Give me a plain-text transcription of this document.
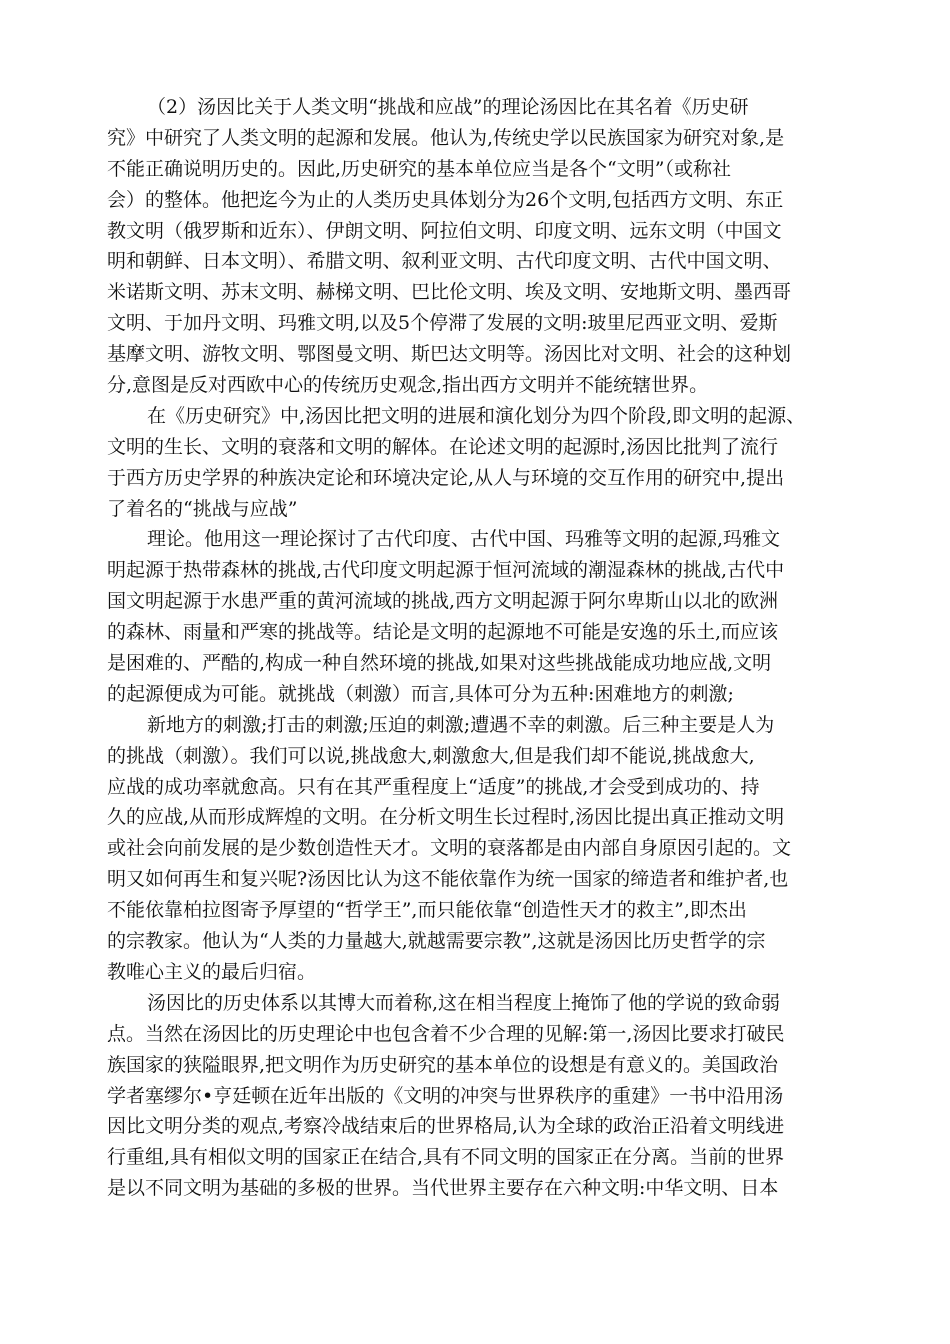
（2）汤因比关于人类文明“挑战和应战”的理论汤因比在其名着《历史研
究》中研究了人类文明的起源和发展。他认为,传统史学以民族国家为研究对象,是
不能正确说明历史的。因此,历史研究的基本单位应当是各个“文明”（或称社
会）的整体。他把迄今为止的人类历史具体划分为26个文明,包括西方文明、东正
教文明（俄罗斯和近东）、伊朗文明、阿拉伯文明、印度文明、远东文明（中国文
明和朝鲜、日本文明）、希腊文明、叙利亚文明、古代印度文明、古代中国文明、
米诺斯文明、苏末文明、赫梯文明、巴比伦文明、埃及文明、安地斯文明、墨西哥
文明、于加丹文明、玛雅文明,以及5个停滞了发展的文明:玻里尼西亚文明、爱斯
基摩文明、游牧文明、鄂图曼文明、斯巴达文明等。汤因比对文明、社会的这种划
分,意图是反对西欧中心的传统历史观念,指出西方文明并不能统辖世界。
在《历史研究》中,汤因比把文明的进展和演化划分为四个阶段,即文明的起源、
文明的生长、文明的衰落和文明的解体。在论述文明的起源时,汤因比批判了流行
于西方历史学界的种族决定论和环境决定论,从人与环境的交互作用的研究中,提出
了着名的“挑战与应战”
理论。他用这一理论探讨了古代印度、古代中国、玛雅等文明的起源,玛雅文
明起源于热带森林的挑战,古代印度文明起源于恒河流域的潮湿森林的挑战,古代中
国文明起源于水患严重的黄河流域的挑战,西方文明起源于阿尔卑斯山以北的欧洲
的森林、雨量和严寒的挑战等。结论是文明的起源地不可能是安逸的乐土,而应该
是困难的、严酷的,构成一种自然环境的挑战,如果对这些挑战能成功地应战,文明
的起源便成为可能。就挑战（刺激）而言,具体可分为五种:困难地方的刺激;
新地方的刺激;打击的刺激;压迫的刺激;遭遇不幸的刺激。后三种主要是人为
的挑战（刺激）。我们可以说,挑战愈大,刺激愈大,但是我们却不能说,挑战愈大,
应战的成功率就愈高。只有在其严重程度上“适度”的挑战,才会受到成功的、持
久的应战,从而形成辉煌的文明。在分析文明生长过程时,汤因比提出真正推动文明
或社会向前发展的是少数创造性天才。文明的衰落都是由内部自身原因引起的。文
明又如何再生和复兴呢?汤因比认为这不能依靠作为统一国家的缔造者和维护者,也
不能依靠柏拉图寄予厚望的“哲学王”,而只能依靠“创造性天才的救主”,即杰出
的宗教家。他认为“人类的力量越大,就越需要宗教”,这就是汤因比历史哲学的宗
教唯心主义的最后归宿。
汤因比的历史体系以其博大而着称,这在相当程度上掩饰了他的学说的致命弱
点。当然在汤因比的历史理论中也包含着不少合理的见解:第一,汤因比要求打破民
族国家的狭隘眼界,把文明作为历史研究的基本单位的设想是有意义的。美国政治
学者塞缪尔•亨廷顿在近年出版的《文明的冲突与世界秩序的重建》一书中沿用汤
因比文明分类的观点,考察冷战结束后的世界格局,认为全球的政治正沿着文明线进
行重组,具有相似文明的国家正在结合,具有不同文明的国家正在分离。当前的世界
是以不同文明为基础的多极的世界。当代世界主要存在六种文明:中华文明、日本
